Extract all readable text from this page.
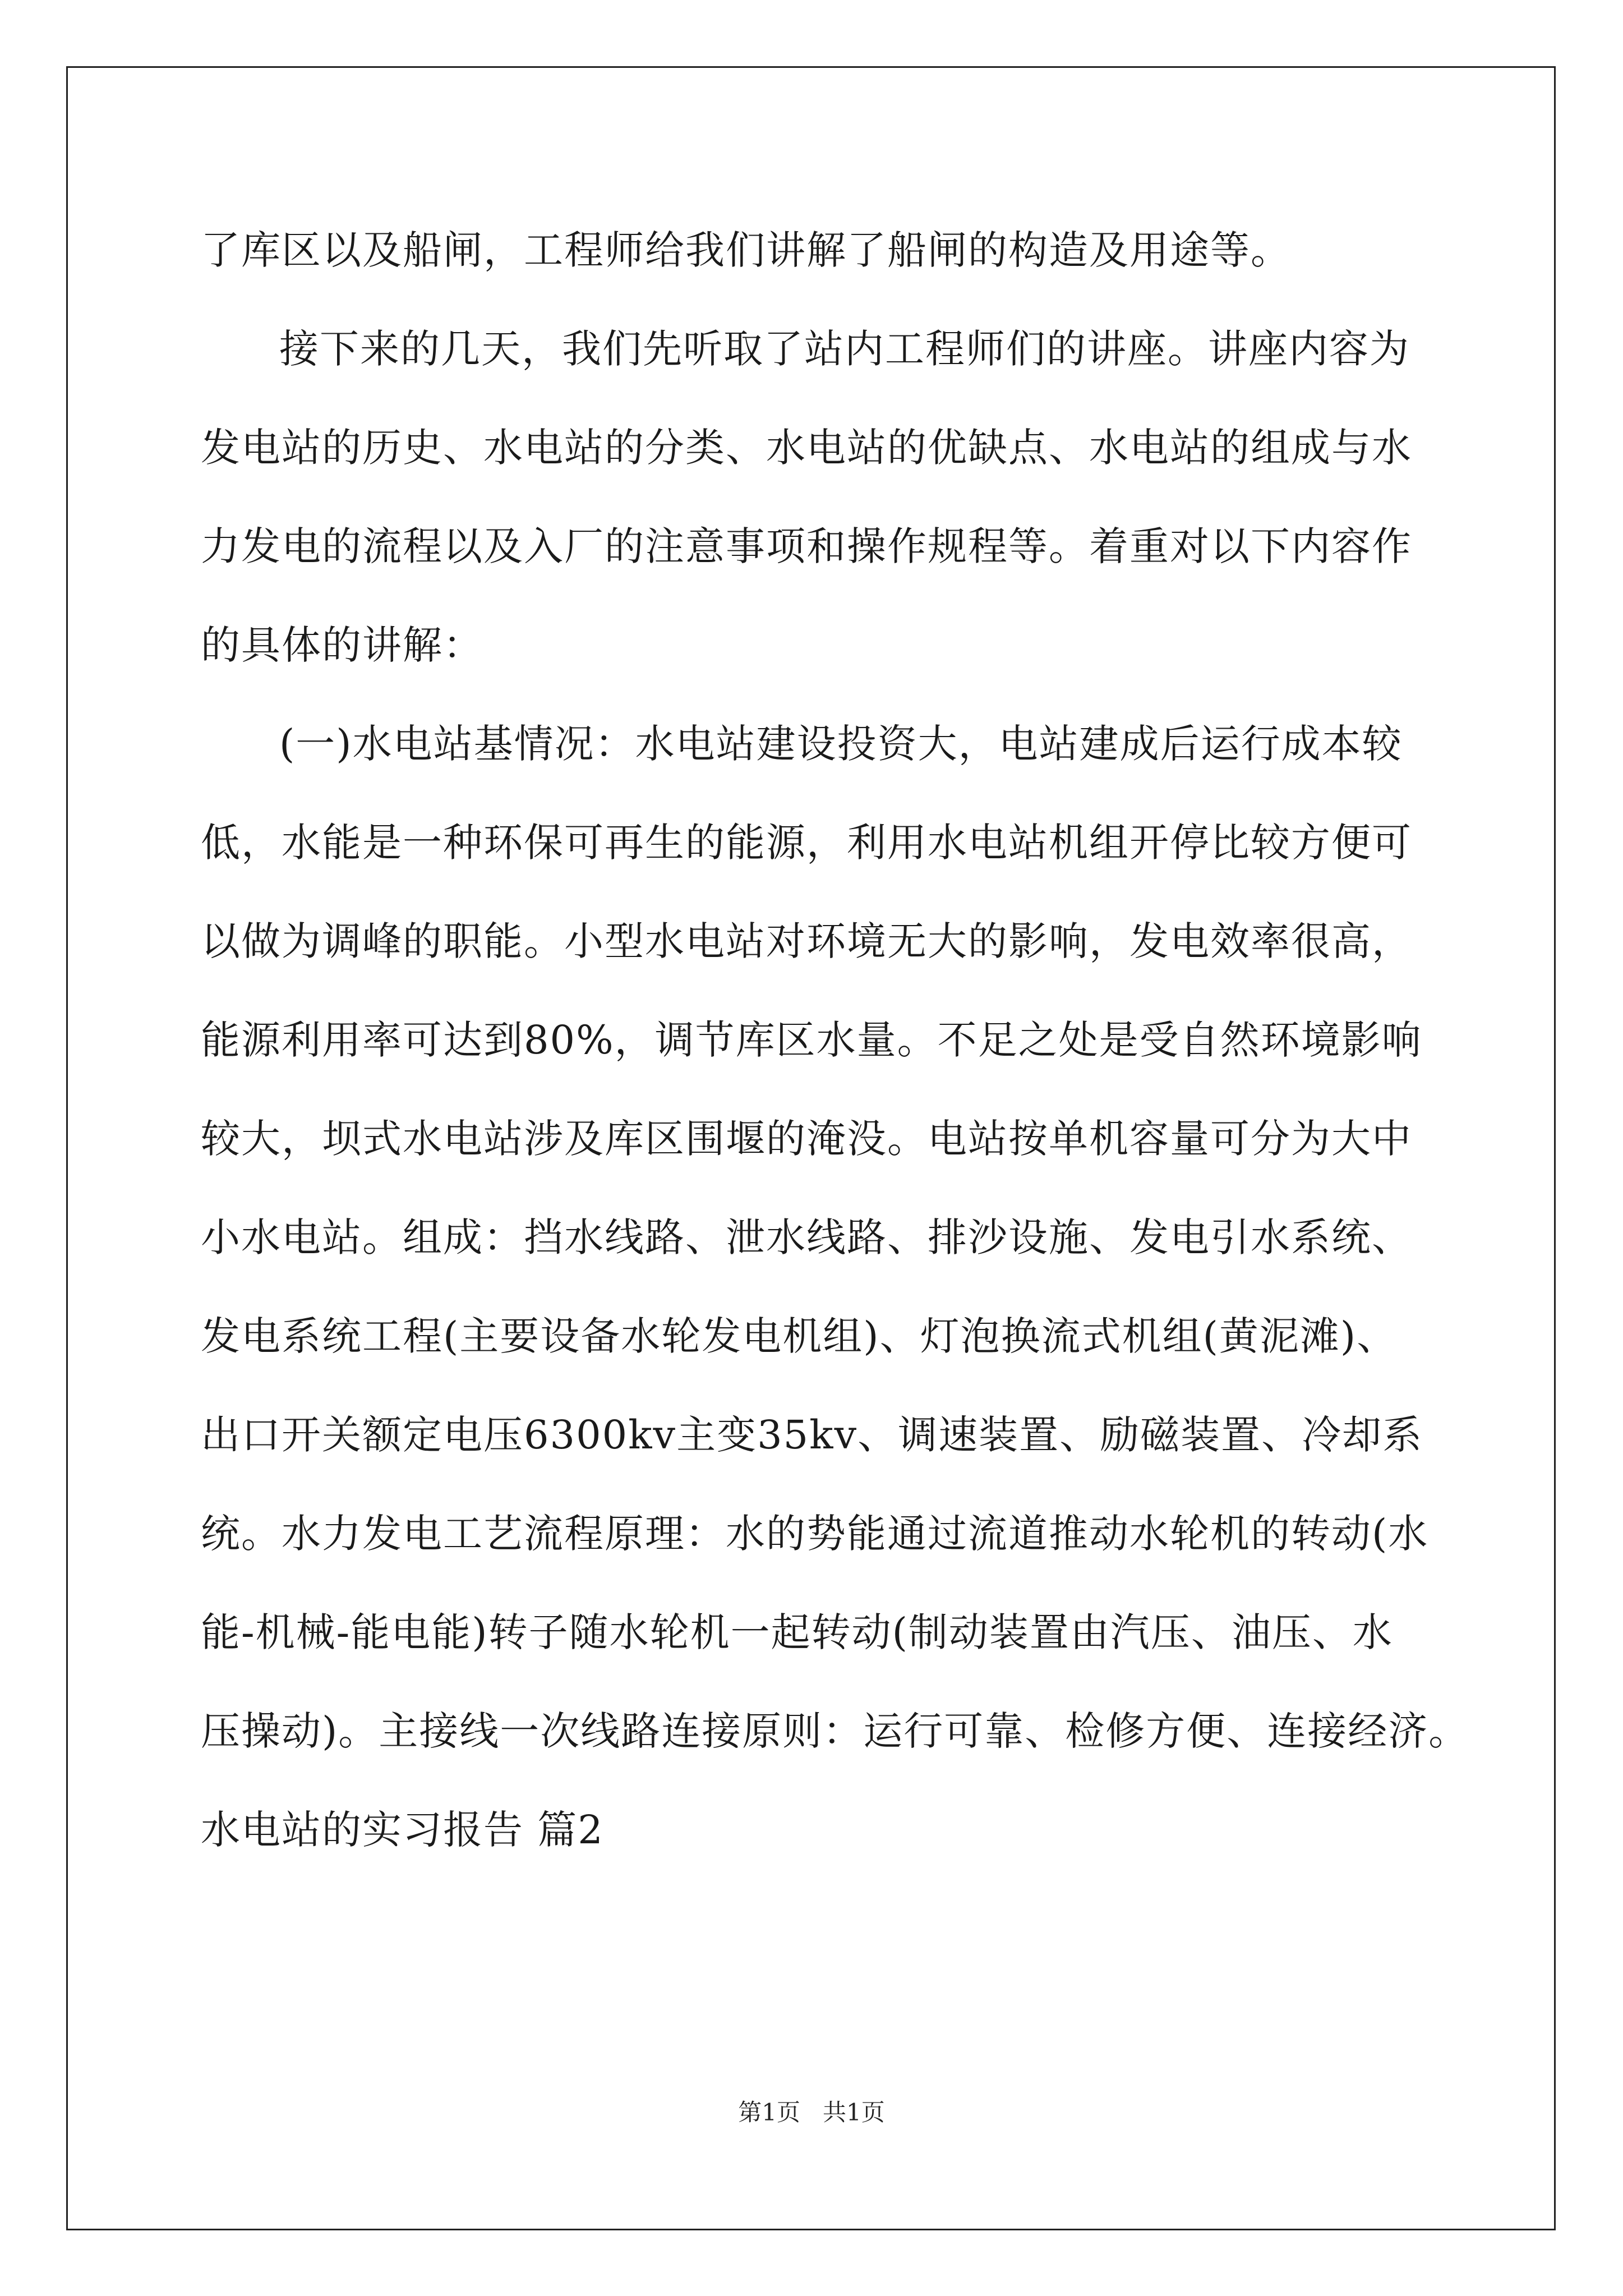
了库区以及船闸，工程师给我们讲解了船闸的构造及用途等。
接下来的几天，我们先听取了站内工程师们的讲座。讲座内容为
发电站的历史、水电站的分类、水电站的优缺点、水电站的组成与水
力发电的流程以及入厂的注意事项和操作规程等。着重对以下内容作
的具体的讲解：
(一)水电站基情况：水电站建设投资大，电站建成后运行成本较
低，水能是一种环保可再生的能源，利用水电站机组开停比较方便可
以做为调峰的职能。小型水电站对环境无大的影响，发电效率很高，
能源利用率可达到80%，调节库区水量。不足之处是受自然环境影响
较大，坝式水电站涉及库区围堰的淹没。电站按单机容量可分为大中
小水电站。组成：挡水线路、泄水线路、排沙设施、发电引水系统、
发电系统工程(主要设备水轮发电机组)、灯泡换流式机组(黄泥滩)、
出口开关额定电压6300kv主变35kv、调速装置、励磁装置、冷却系
统。水力发电工艺流程原理：水的势能通过流道推动水轮机的转动(水
能-机械-能电能)转子随水轮机一起转动(制动装置由汽压、油压、水
压操动)。主接线一次线路连接原则：运行可靠、检修方便、连接经济。
水电站的实习报告 篇2
第1页 共1页
